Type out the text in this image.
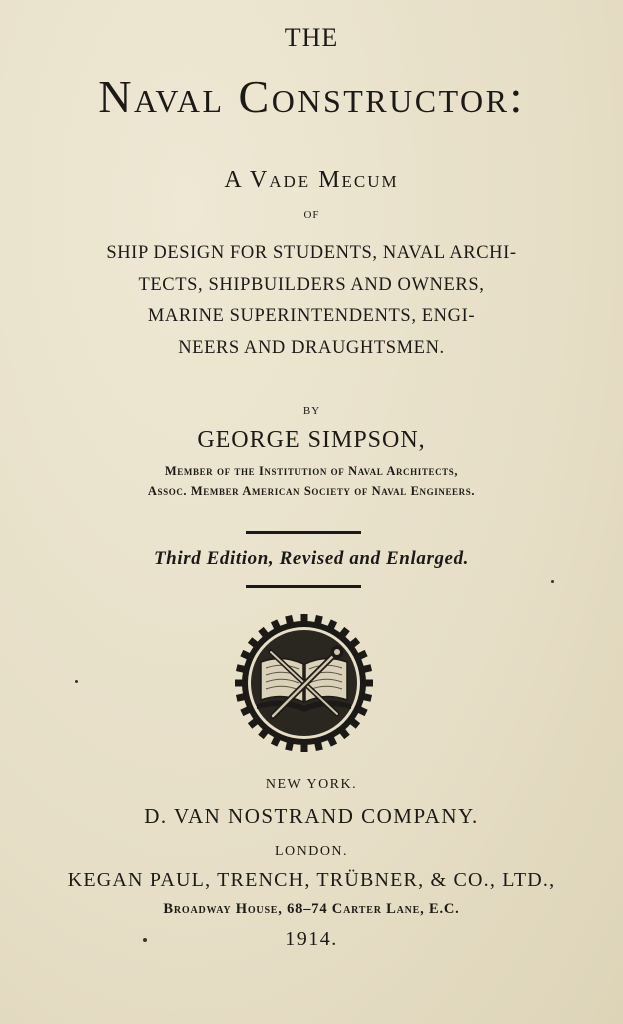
THE
Naval Constructor:
A Vade Mecum
OF
SHIP DESIGN FOR STUDENTS, NAVAL ARCHI-
TECTS, SHIPBUILDERS AND OWNERS,
MARINE SUPERINTENDENTS, ENGI-
NEERS AND DRAUGHTSMEN.
BY
GEORGE SIMPSON,
Member of the Institution of Naval Architects,
Assoc. Member American Society of Naval Engineers.
Third Edition, Revised and Enlarged.
NEW YORK.
D. VAN NOSTRAND COMPANY.
LONDON.
KEGAN PAUL, TRENCH, TRÜBNER, & CO., LTD.,
Broadway House, 68–74 Carter Lane, E.C.
1914.
